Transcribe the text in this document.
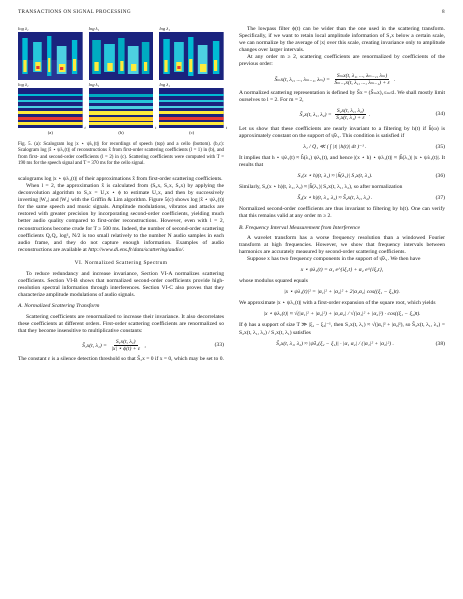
TRANSACTIONS ON SIGNAL PROCESSING	8
log λ₁	log λ₁	log λ₁
log λ₁
t
log λ₁
t
log λ₁
t
(a)	(b)	(c)

Fig. 5. (a): Scalogram log |x ⋆ ψλ₁(t)| for recordings of speech (top) and a cello (bottom). (b,c): Scalogram log |x̃ ⋆ ψλ₁(t)| of reconstructions x̃ from first-order scattering coefficients (l = 1) in (b), and from first- and second-order coefficients (l = 2) in (c). Scattering coefficients were computed with T = 190 ms for the speech signal and T = 370 ms for the cello signal.

scalograms log |x ⋆ ψλ₁(t)| of their approximations x̃ from first-order scattering coefficients.

When l = 2, the approximation x̃ is calculated from (S₀x, S₁x, S₂x) by applying the deconvolution algorithm to S₁x = U₁x ⋆ ϕ to estimate U₁x, and then by successively inverting |W₂| and |W₁| with the Griffin & Lim algorithm. Figure 5(c) shows log |x̃ ⋆ ψλ₁(t)| for the same speech and music signals. Amplitude modulations, vibratos and attacks are restored with greater precision by incorporating second-order coefficients, yielding much better audio quality compared to first-order reconstructions. However, even with l = 2, reconstructions become crude for T ≥ 500 ms. Indeed, the number of second-order scattering coefficients Q₁Q₂ log²₂ N/2 is too small relatively to the number N audio samples in each audio frame, and they do not capture enough information. Examples of audio reconstructions are available at http://www.di.ens.fr/data/scattering/audio/.

VI. Normalized Scattering Spectrum

To reduce redundancy and increase invariance, Section VI-A normalizes scattering coefficients. Section VI-B shows that normalized second-order coefficients provide high-resolution spectral information through interferences. Section VI-C also proves that they characterize amplitude modulations of audio signals.

A. Normalized Scattering Transform

Scattering coefficients are renormalized to increase their invariance. It also decorrelates these coefficients at different orders. First-order scattering coefficients are renormalized so that they become insensitive to multiplicative constants:

S̃₁x(t, $\lambda_1) = \frac{\text{S₁x(t, λ₁)}}{|x| ⋆ \phi(t) + \varepsilon}$ ,	(33)

The constant ε is a silence detection threshold so that S̃₁x = 0 if x = 0, which may be set to 0.

The lowpass filter ϕ(t) can be wider than the one used in the scattering transform. Specifically, if we want to retain local amplitude information of S₁x below a certain scale, we can normalize by the average of |x| over this scale, creating invariance only to amplitude changes over larger intervals.

At any order m ≥ 2, scattering coefficients are renormalized by coefficients of the previous order:

S̃ₘx(t, λ₁, ..., λₘ₋₁, $\lambda_m) = \frac{\text{Sₘx(t, λ₁, ..., λₘ₋₁, λₘ)}}{\text{Sₘ₋₁x(t, λ₁, ..., λₘ₋₁) + ε}}$ .

A normalized scattering representation is defined by S̃x = (S̃ₘx)₁≤ₘ≤l. We shall mostly limit ourselves to l = 2. For m = 2,

S̃₂x(t, λ₁, $\lambda_2) = \frac{\text{S₂x(t, λ₁, λ₂)}}{\text{S₁x(t, λ₁) + ε}}$ .	(34)

Let us show that these coefficients are nearly invariant to a filtering by h(t) if ĥ(ω) is approximately constant on the support of ψ̂λ₁. This condition is satisfied if

λ₁ / Q₁ ≪ ( ∫ |t| |h(t)| dt )⁻¹ .	(35)

It implies that h ⋆ ψλ₁(t) ≈ ĥ(λ₁) ψλ₁(t), and hence |(x ⋆ h) ⋆ ψλ₁(t)| ≈ |ĥ(λ₁)| |x ⋆ ψλ₁(t)|. It results that

S₁(x ⋆ h)(t, λ₁) ≈ |ĥ(λ₁)| S₁x(t, λ₁).	(36)

Similarly, S₂(x ⋆ h)(t, λ₁, λ₂) ≈ |ĥ(λ₁)| S₂x(t, λ₁, λ₂), so after normalization

S̃₂(x ⋆ h)(t, λ₁, λ₂) ≈ S̃₂x(t, λ₁, λ₂) .	(37)

Normalized second-order coefficients are thus invariant to filtering by h(t). One can verify that this remains valid at any order m ≥ 2.

B. Frequency Interval Measurement from Interference

A wavelet transform has a worse frequency resolution than a windowed Fourier transform at high frequencies. However, we show that frequency intervals between harmonics are accurately measured by second-order scattering coefficients.

Suppose x has two frequency components in the support of ψ̂λ₁. We then have

x ⋆ ψλ₁(t) = α₁ e^{iξ₁t} + α₂ e^{iξ₂t},

whose modulus squared equals

|x ⋆ ψλ₁(t)|² = |α₁|² + |α₂|² + 2|α₁α₂| cos((ξ₁ − ξ₂)t).

We approximate |x ⋆ ψλ₁(t)| with a first-order expansion of the square root, which yields

|x ⋆ ψλ₁(t)| ≈ √(|α₁|² + |α₂|²) + |α₁α₂| / √(|α₁|² + |α₂|²) · cos((ξ₁ − ξ₂)t).

If ϕ has a support of size T ≫ |ξ₁ − ξ₂|⁻¹, then S₁x(t, λ₁) ≈ √(|α₁|² + |α₂|²), so S̃₂x(t, λ₁, λ₂) = S₂x(t, λ₁, λ₂) / S₁x(t, λ₁) satisfies

S̃₂x(t, λ₁, λ₂) ≈ |ψ̂λ₂(ξ₂ − ξ₁)| · |α₁ α₂| / (|α₁|² + |α₂|²) .	(38)
